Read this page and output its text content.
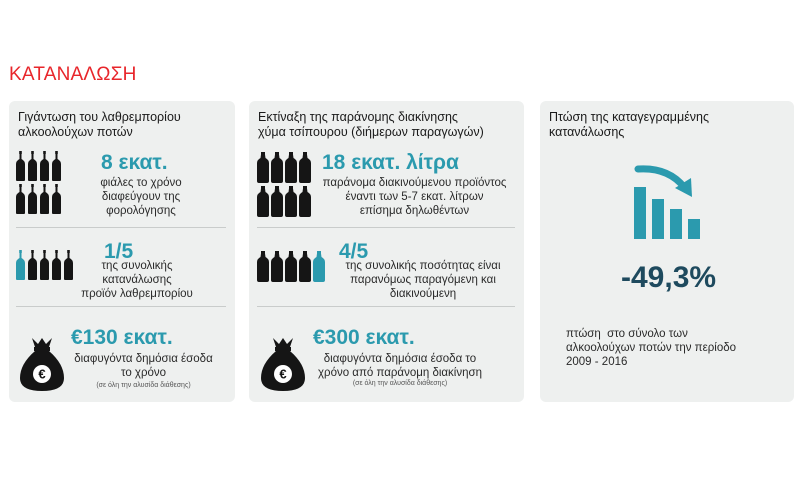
ΚΑΤΑΝΑΛΩΣΗ
Γιγάντωση του λαθρεμπορίου
αλκοολούχων ποτών
8 εκατ.
φιάλες το χρόνο
διαφεύγουν της
φορολόγησης
1/5
της συνολικής
κατανάλωσης
προϊόν λαθρεμπορίου
€
€130 εκατ.
διαφυγόντα δημόσια έσοδα
το χρόνο
(σε όλη την αλυσίδα διάθεσης)
Εκτίναξη της παράνομης διακίνησης
χύμα τσίπουρου (διήμερων παραγωγών)
18 εκατ. λίτρα
παράνομα διακινούμενου προϊόντος
έναντι των 5-7 εκατ. λίτρων
επίσημα δηλωθέντων
4/5
της συνολικής ποσότητας είναι
παρανόμως παραγόμενη και
διακινούμενη
€
€300 εκατ.
διαφυγόντα δημόσια έσοδα το
χρόνο από παράνομη διακίνηση
(σε όλη την αλυσίδα διάθεσης)
Πτώση της καταγεγραμμένης
κατανάλωσης
-49,3%
πτώση  στο σύνολο των
αλκοολούχων ποτών την περίοδο
2009 - 2016
